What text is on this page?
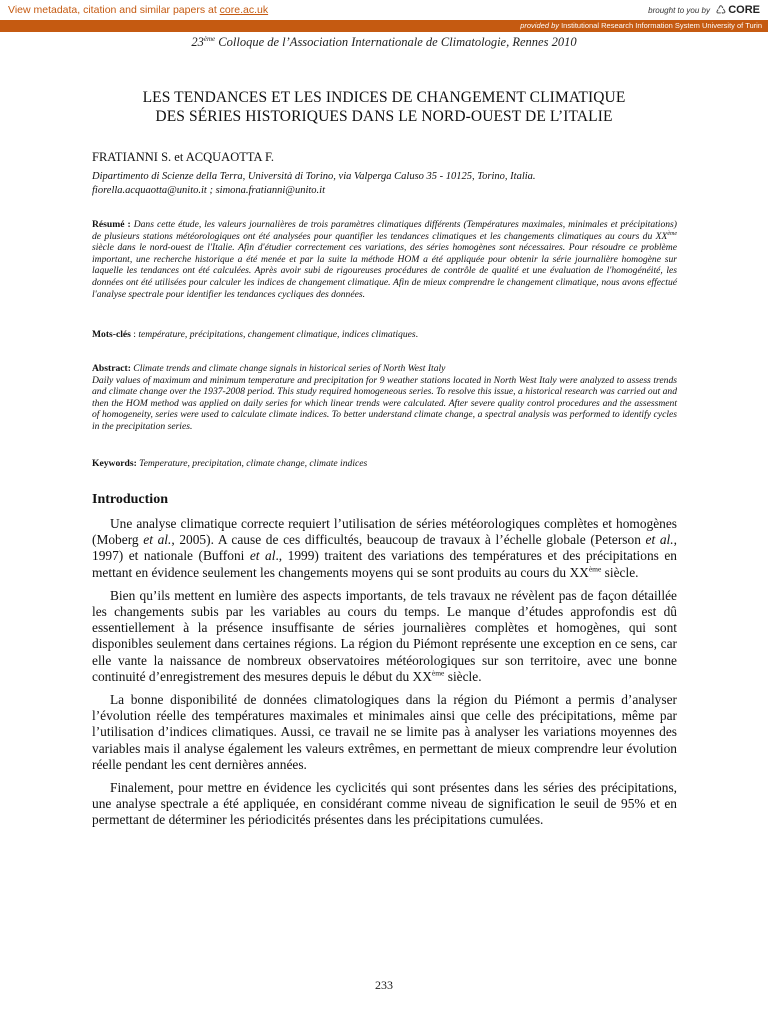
View metadata, citation and similar papers at core.ac.uk	brought to you by ♺ CORE
provided by Institutional Research Information System University of Turin
23ème Colloque de l’Association Internationale de Climatologie, Rennes 2010
LES TENDANCES ET LES INDICES DE CHANGEMENT CLIMATIQUE
DES SÉRIES HISTORIQUES DANS LE NORD-OUEST DE L’ITALIE
FRATIANNI S. et ACQUAOTTA F.
Dipartimento di Scienze della Terra, Università di Torino, via Valperga Caluso 35 - 10125, Torino, Italia.
fiorella.acquaotta@unito.it ; simona.fratianni@unito.it
Résumé : Dans cette étude, les valeurs journalières de trois paramètres climatiques différents (Températures maximales, minimales et précipitations) de plusieurs stations météorologiques ont été analysées pour quantifier les tendances climatiques et les changements climatiques au cours du XXème siècle dans le nord-ouest de l'Italie. Afin d'étudier correctement ces variations, des séries homogènes sont nécessaires. Pour résoudre ce problème important, une recherche historique a été menée et par la suite la méthode HOM a été appliquée pour obtenir la série journalière homogène sur laquelle les tendances ont été calculées. Après avoir subi de rigoureuses procédures de contrôle de qualité et une évaluation de l'homogénéité, les données ont été utilisées pour calculer les indices de changement climatique. Afin de mieux comprendre le changement climatique, nous avons effectué l'analyse spectrale pour identifier les tendances cycliques des données.
Mots-clés : température, précipitations, changement climatique, indices climatiques.
Abstract: Climate trends and climate change signals in historical series of North West Italy
Daily values of maximum and minimum temperature and precipitation for 9 weather stations located in North West Italy were analyzed to assess trends and climate change over the 1937-2008 period. This study required homogeneous series. To resolve this issue, a historical research was carried out and then the HOM method was applied on daily series for which linear trends were calculated. After severe quality control procedures and the assessment of homogeneity, series were used to calculate climate indices. To better understand climate change, a spectral analysis was performed to identify cycles in the precipitation series.
Keywords: Temperature, precipitation, climate change, climate indices
Introduction

Une analyse climatique correcte requiert l’utilisation de séries météorologiques complètes et homogènes (Moberg et al., 2005). A cause de ces difficultés, beaucoup de travaux à l’échelle globale (Peterson et al., 1997) et nationale (Buffoni et al., 1999) traitent des variations des températures et des précipitations en mettant en évidence seulement les changements moyens qui se sont produits au cours du XXème siècle.

Bien qu’ils mettent en lumière des aspects importants, de tels travaux ne révèlent pas de façon détaillée les changements subis par les variables au cours du temps. Le manque d’études approfondis est dû essentiellement à la présence insuffisante de séries journalières complètes et homogènes, qui sont disponibles seulement dans certaines régions. La région du Piémont représente une exception en ce sens, car elle vante la naissance de nombreux observatoires météorologiques sur son territoire, avec une bonne continuité d’enregistrement des mesures depuis le début du XXème siècle.

La bonne disponibilité de données climatologiques dans la région du Piémont a permis d’analyser l’évolution réelle des températures maximales et minimales ainsi que celle des précipitations, même par l’utilisation d’indices climatiques. Aussi, ce travail ne se limite pas à analyser les variations moyennes des variables mais il analyse également les valeurs extrêmes, en permettant de mieux comprendre leur évolution réelle pendant les cent dernières années.

Finalement, pour mettre en évidence les cyclicités qui sont présentes dans les séries des précipitations, une analyse spectrale a été appliquée, en considérant comme niveau de signification le seuil de 95% et en permettant de déterminer les périodicités présentes dans les précipitations cumulées.

233
